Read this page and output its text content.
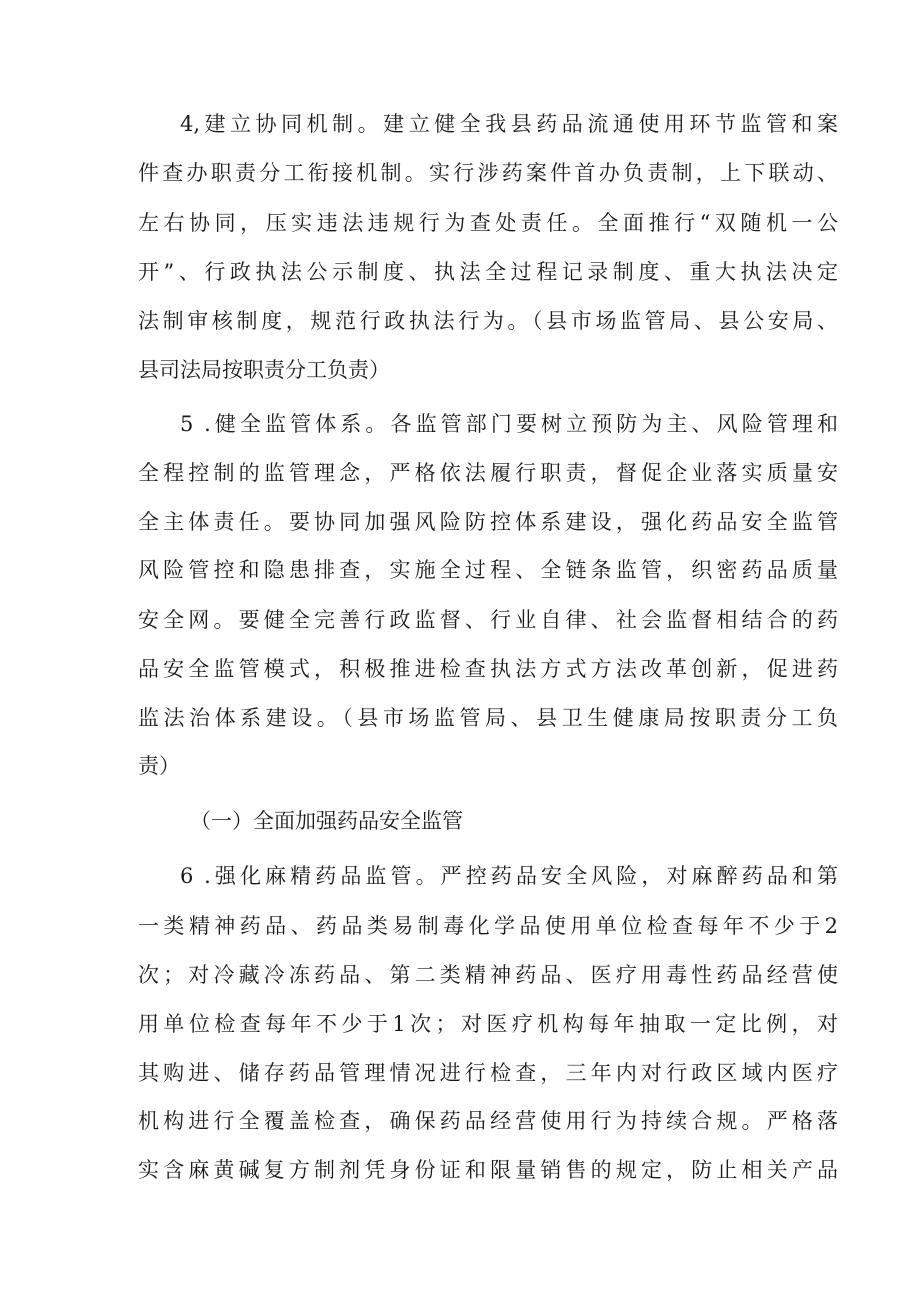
4,建立协同机制。建立健全我县药品流通使用环节监管和案

件查办职责分工衔接机制。实行涉药案件首办负责制，上下联动、

左右协同，压实违法违规行为查处责任。全面推行“双随机一公

开”、行政执法公示制度、执法全过程记录制度、重大执法决定

法制审核制度，规范行政执法行为。（县市场监管局、县公安局、

县司法局按职责分工负责）

5 .健全监管体系。各监管部门要树立预防为主、风险管理和

全程控制的监管理念，严格依法履行职责，督促企业落实质量安

全主体责任。要协同加强风险防控体系建设，强化药品安全监管

风险管控和隐患排查，实施全过程、全链条监管，织密药品质量

安全网。要健全完善行政监督、行业自律、社会监督相结合的药

品安全监管模式，积极推进检查执法方式方法改革创新，促进药

监法治体系建设。（县市场监管局、县卫生健康局按职责分工负

责）

（一）全面加强药品安全监管

6 .强化麻精药品监管。严控药品安全风险，对麻醉药品和第

一类精神药品、药品类易制毒化学品使用单位检查每年不少于2

次；对冷藏冷冻药品、第二类精神药品、医疗用毒性药品经营使

用单位检查每年不少于1次；对医疗机构每年抽取一定比例，对

其购进、储存药品管理情况进行检查，三年内对行政区域内医疗

机构进行全覆盖检查，确保药品经营使用行为持续合规。严格落

实含麻黄碱复方制剂凭身份证和限量销售的规定，防止相关产品
